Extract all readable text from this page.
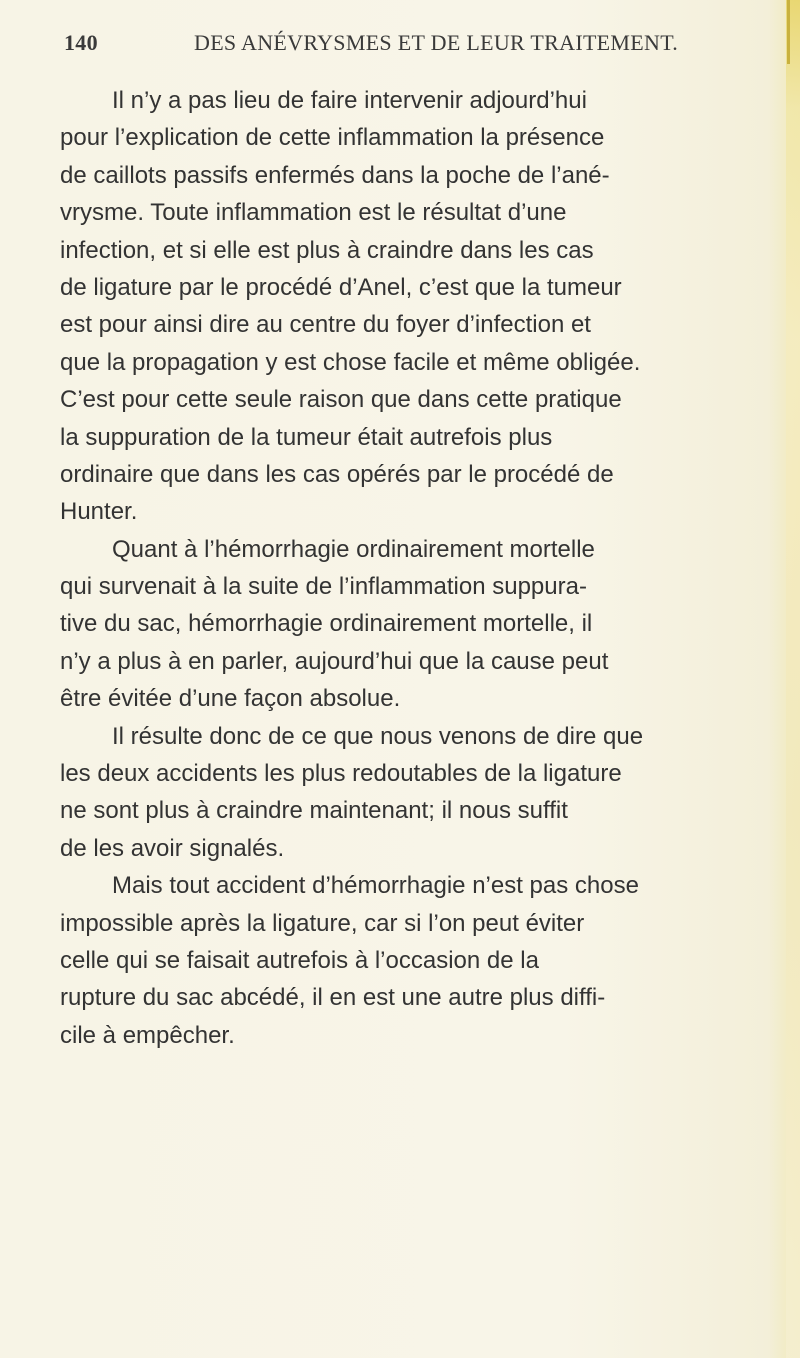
140	DES ANÉVRYSMES ET DE LEUR TRAITEMENT.
Il n’y a pas lieu de faire intervenir adjourd’hui
pour l’explication de cette inflammation la présence
de caillots passifs enfermés dans la poche de l’ané-
vrysme. Toute inflammation est le résultat d’une
infection, et si elle est plus à craindre dans les cas
de ligature par le procédé d’Anel, c’est que la tumeur
est pour ainsi dire au centre du foyer d’infection et
que la propagation y est chose facile et même obligée.
C’est pour cette seule raison que dans cette pratique
la suppuration de la tumeur était autrefois plus
ordinaire que dans les cas opérés par le procédé de
Hunter.
Quant à l’hémorrhagie ordinairement mortelle
qui survenait à la suite de l’inflammation suppura-
tive du sac, hémorrhagie ordinairement mortelle, il
n’y a plus à en parler, aujourd’hui que la cause peut
être évitée d’une façon absolue.
Il résulte donc de ce que nous venons de dire que
les deux accidents les plus redoutables de la ligature
ne sont plus à craindre maintenant; il nous suffit
de les avoir signalés.
Mais tout accident d’hémorrhagie n’est pas chose
impossible après la ligature, car si l’on peut éviter
celle qui se faisait autrefois à l’occasion de la
rupture du sac abcédé, il en est une autre plus diffi-
cile à empêcher.
